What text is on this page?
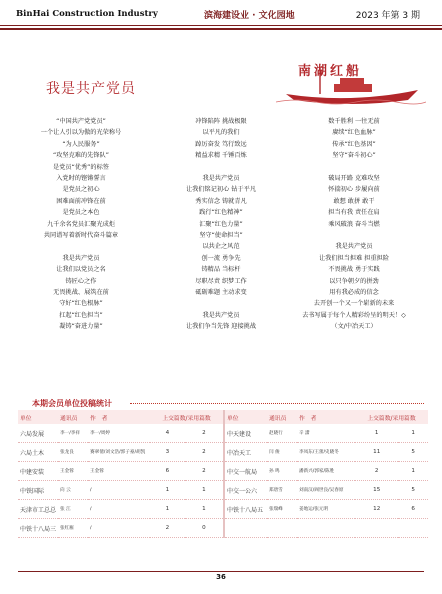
BinHai Construction Industry	滨海建设业 · 文化园地	2023 年第 3 期
我是共产党员
南湖红船
“中国共产党党员”
一个让人引以为傲的光荣称号
“为人民服务”
“攻坚克难的先锋队”
是党员“优秀”的标签
入党时的铿锵誓言
是党员之初心
困难面前冲锋在前
是党员之本色
九千余名党员汇聚光成炬
共同谱写着新时代奋斗篇章
我是共产党员
让我们以党员之名
铸匠心之作
无畏挑战、展筑在前
守好“红色根脉”
扛起“红色担当”
凝铸“奋进力量”
冲锋陷阵 挑战极限
以平凡的我们
踔厉奋发 笃行致远
精益求精 千锤百炼
我是共产党员
让我们铭记初心 钻于平凡
秀实信念 铸就青凡
践行“红色精神”
汇聚“红色力量”
坚守“使命担当”
以共企之风范
创一流 勇争先
铸精品 当标杆
尽职尽责 织梦工作
砥砺难题 主动求变
我是共产党员
让我们争当先锋 迎接挑战
数千胜利 一往无前
赓续“红色血脉”
传承“红色基因”
坚守“奋斗初心”
破局开路 克难攻坚
怀揣初心 步履向前
敢想 敢拼 敢干
担当有我 责任在肩
乘风破浪 奋斗当燃
我是共产党员
让我们担当担难 担重担险
不畏挑战 勇于实践
以只争朝夕的拼劲
用有我必成的信念
去开创一个又一个崭新的未来
去书写属于每个人精彩纷呈的明天！◇
（文/中冶天工）
本期会员单位投稿统计
单位	通讯员	作　者	上交篇数/采用篇数		单位	通讯员	作　者	上交篇数/采用篇数	
六局发展	李一/李祥	李一/周婷	4	2	中天建设	赵晓行	辛 潇	1	1
六局土木	张龙良	赛翠倩/刘文浩/郭子豪/胡凯	3	2	中冶天工	闫 俊	李凤东/王蕾/史晓冬	11	5
中建安装	王金蓉	王金蓉	6	2	中交一航局	孙 鸣	潘新兴/郭家/陈胜	2	1
中铁国际	向 云	/	1	1	中交一公六	郑唐雪	刘南汉/阎世良/吴春原	15	5
天津市工总总	张 江	/	1	1	中铁十八局五	张瑞峰	姜地运/张元明	12	6
中铁十八局三	张红雁	/	2	0					
36
